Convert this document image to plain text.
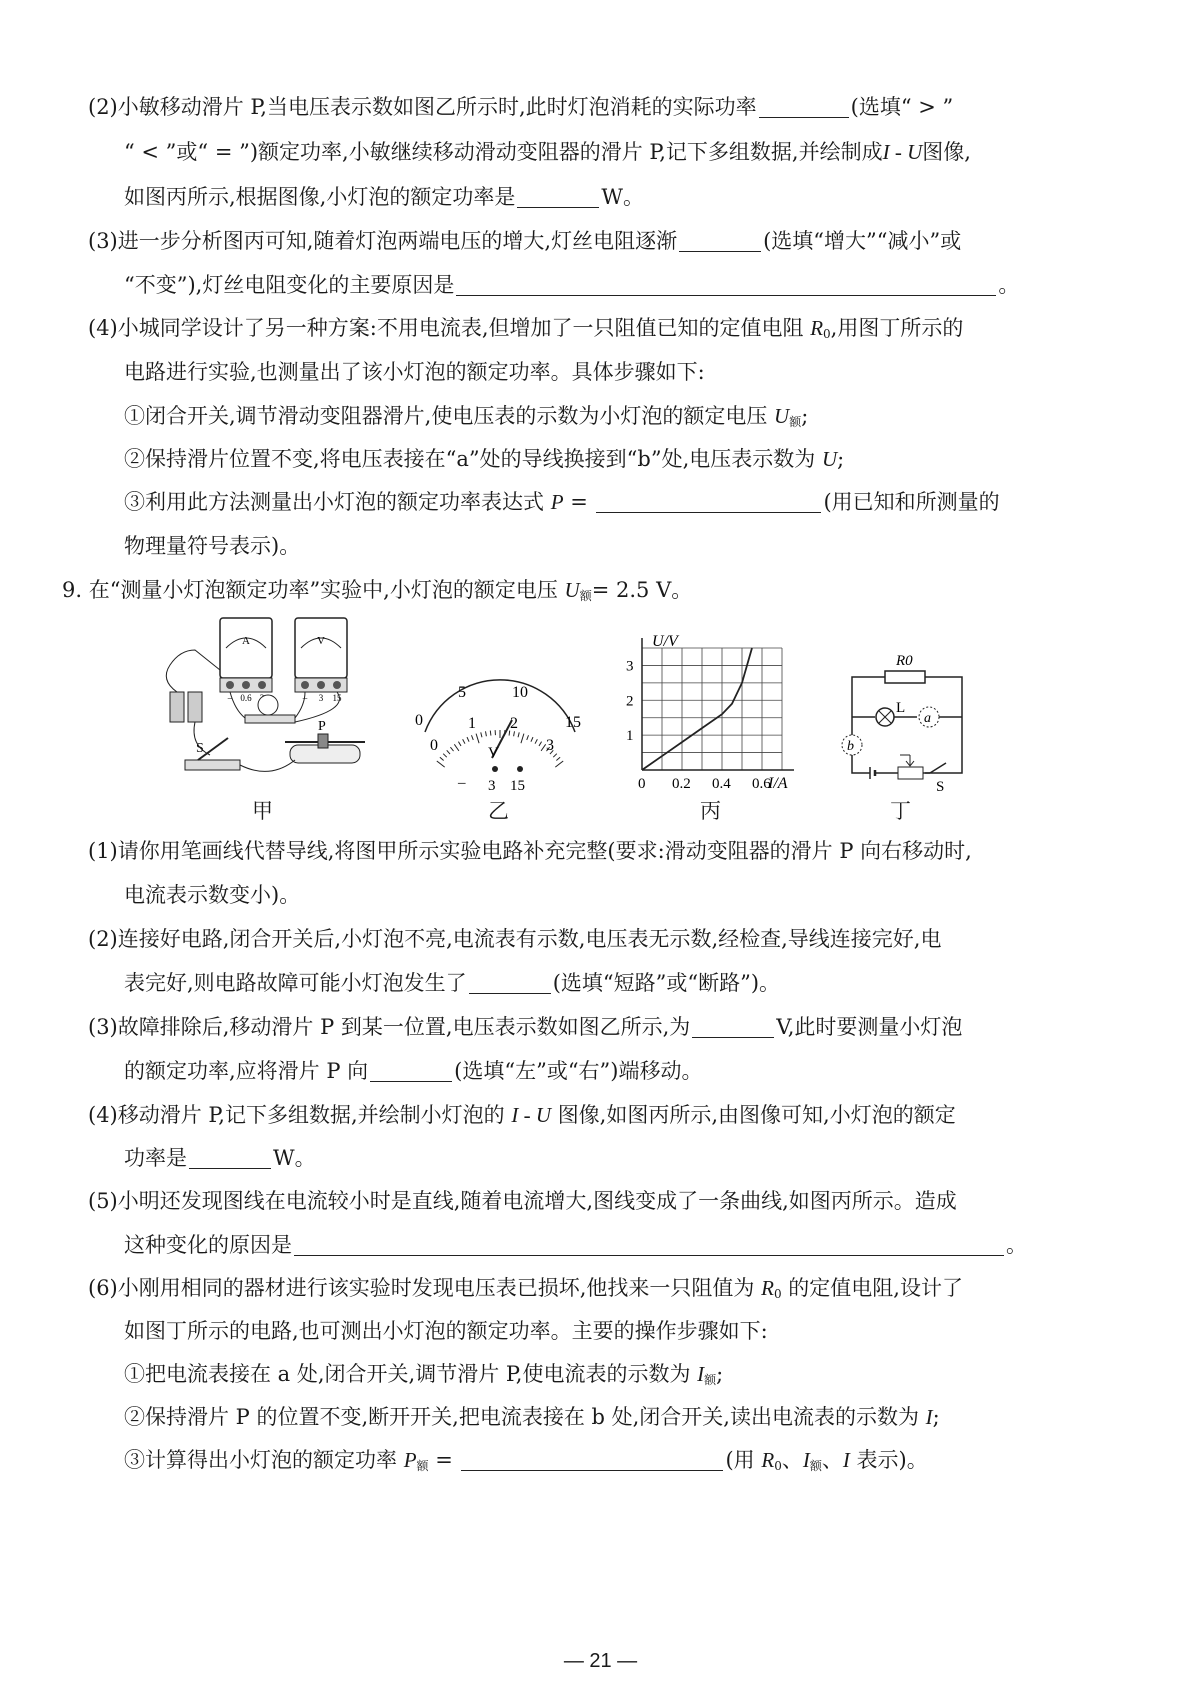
(2)小敏移动滑片 P,当电压表示数如图乙所示时,此时灯泡消耗的实际功率	(选填“ > ”
“ < ”或“ = ”)额定功率,小敏继续移动滑动变阻器的滑片 P,记下多组数据,并绘制成I - U图像,
如图丙所示,根据图像,小灯泡的额定功率是	W。
(3)进一步分析图丙可知,随着灯泡两端电压的增大,灯丝电阻逐渐	(选填“增大”“减小”或
“不变”),灯丝电阻变化的主要原因是	。
(4)小城同学设计了另一种方案:不用电流表,但增加了一只阻值已知的定值电阻 $R_0$,用图丁所示的
电路进行实验,也测量出了该小灯泡的额定功率。具体步骤如下:
①闭合开关,调节滑动变阻器滑片,使电压表的示数为小灯泡的额定电压 $U_额$;
②保持滑片位置不变,将电压表接在“a”处的导线换接到“b”处,电压表示数为 U;
③利用此方法测量出小灯泡的额定功率表达式 P =	(用已知和所测量的
物理量符号表示)。
9. 在“测量小灯泡额定功率”实验中,小灯泡的额定电压 $U_额= 2.5$ V。
A
– 0.6
V
– 3 15
S
P
甲
0
5	10
15
0
1 2
3
V
– 3 15
乙
U/V
I/A
0 0.2 0.4 0.6
1
2
3
丙
R0
L
a
b
S
丁
(1)请你用笔画线代替导线,将图甲所示实验电路补充完整(要求:滑动变阻器的滑片 P 向右移动时,
电流表示数变小)。
(2)连接好电路,闭合开关后,小灯泡不亮,电流表有示数,电压表无示数,经检查,导线连接完好,电
表完好,则电路故障可能小灯泡发生了	(选填“短路”或“断路”)。
(3)故障排除后,移动滑片 P 到某一位置,电压表示数如图乙所示,为	V,此时要测量小灯泡
的额定功率,应将滑片 P 向	(选填“左”或“右”)端移动。
(4)移动滑片 P,记下多组数据,并绘制小灯泡的 I - U 图像,如图丙所示,由图像可知,小灯泡的额定
功率是	W。
(5)小明还发现图线在电流较小时是直线,随着电流增大,图线变成了一条曲线,如图丙所示。造成
这种变化的原因是	。
(6)小刚用相同的器材进行该实验时发现电压表已损坏,他找来一只阻值为 $R_0$ 的定值电阻,设计了
如图丁所示的电路,也可测出小灯泡的额定功率。主要的操作步骤如下:
①把电流表接在 a 处,闭合开关,调节滑片 P,使电流表的示数为 $I_额$;
②保持滑片 P 的位置不变,断开开关,把电流表接在 b 处,闭合开关,读出电流表的示数为 I;
③计算得出小灯泡的额定功率 $P_额$ =	(用 $R_0$、$I_额$、I 表示)。
— 21 —
